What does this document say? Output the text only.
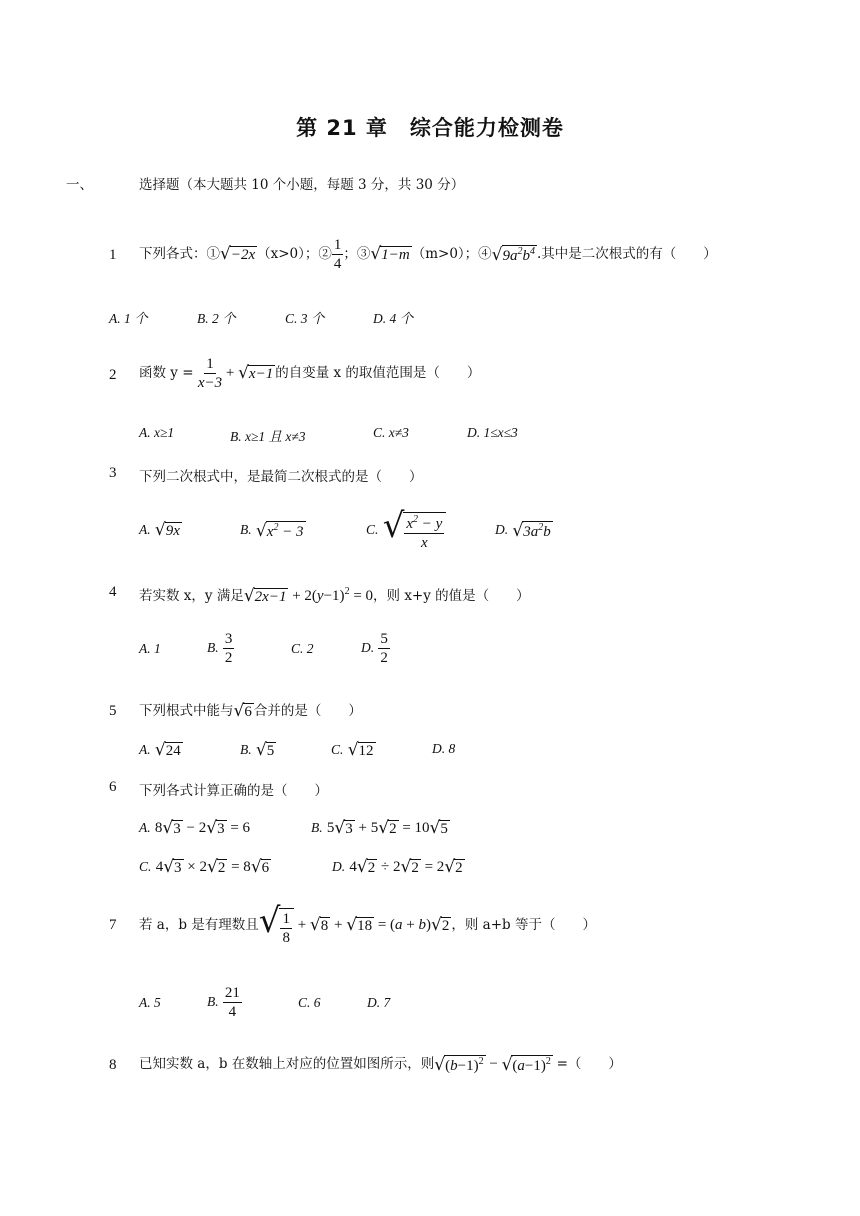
第 21 章　综合能力检测卷
一、	选择题（本大题共 10 个小题，每题 3 分，共 30 分）
1 下列各式：①√−2x （x>0）；② $\frac{1}{4}$ ；③√1−m （m>0）；$④√9a^2b^4$ .其中是二次根式的有（　　）
A. 1 个	B. 2 个	C. 3 个	D. 4 个
2 函数 $y = \frac{1}{x-3} + √x-1$ 的自变量 x 的取值范围是（　　）
A. x≥1	B. x≥1 且 x≠3	C. x≠3	D. 1≤x≤3
3 下列二次根式中，是最简二次根式的是（　　）
A. √9x	B. $√x^2 - 3$	C. √ $\frac{x^2 - y}{x}$	D. $√3a^2b$
4 若实数 x，y 满足$√2x-1 + 2(y-1)^2 = 0$，则 x+y 的值是（　　）
A. 1	B. $\frac{3}{2}$	C. 2	D. $\frac{5}{2}$
5 下列根式中能与√6 合并的是（　　）
A. √24	B. √5	C. √12	D. 8
6 下列各式计算正确的是（　　）
A. 8√3 − 2√3 = 6	B. 5√3 + 5√2 = 10√5
C. 4√3 × 2√2 = 8√6	D. 4√2 ÷ 2√2 = 2√2
7 若 a，b 是有理数且√ $\frac{1}{8} + √8 + √18 = (a + b)√2$ ，则 a+b 等于（　　）
A. 5	B. $\frac{21}{4}$	C. 6	D. 7
8 已知实数 a，b 在数轴上对应的位置如图所示，则$√(b-1)^2 - √(a-1)^2$ =（　　）
